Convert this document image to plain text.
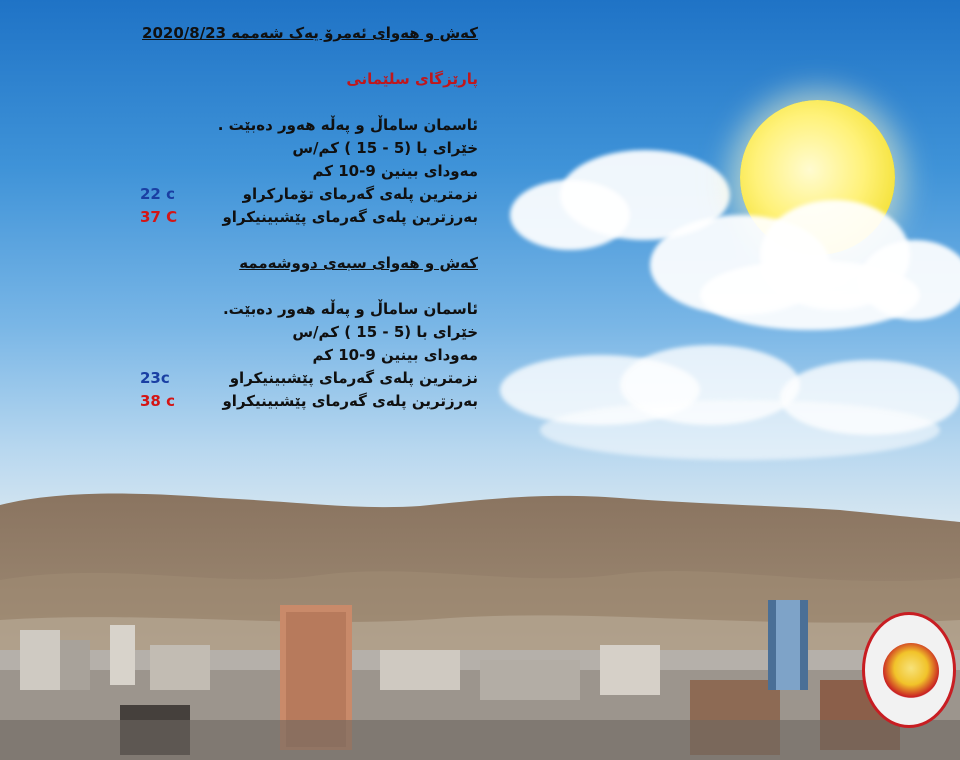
کەش و هەوای ئەمرۆ یەک شەممە 2020/8/23
پارێزگای سلێمانی
ئاسمان ساماڵ و پەڵە هەور دەبێت .
خێرای با (5 - 15 ) کم/س
مەودای بینین 9-10 کم
نزمترین پلەی گەرمای تۆمارکراو
22 c
بەرزترین پلەی گەرمای پێشبینیکراو
37 C
کەش و هەوای سبەی دووشەممە
ئاسمان ساماڵ و پەڵە هەور دەبێت.
خێرای با (5 - 15 ) کم/س
مەودای بینین 9-10 کم
نزمترین پلەی گەرمای پێشبینیکراو
23c
بەرزترین پلەی گەرمای پێشبینیکراو
38 c
